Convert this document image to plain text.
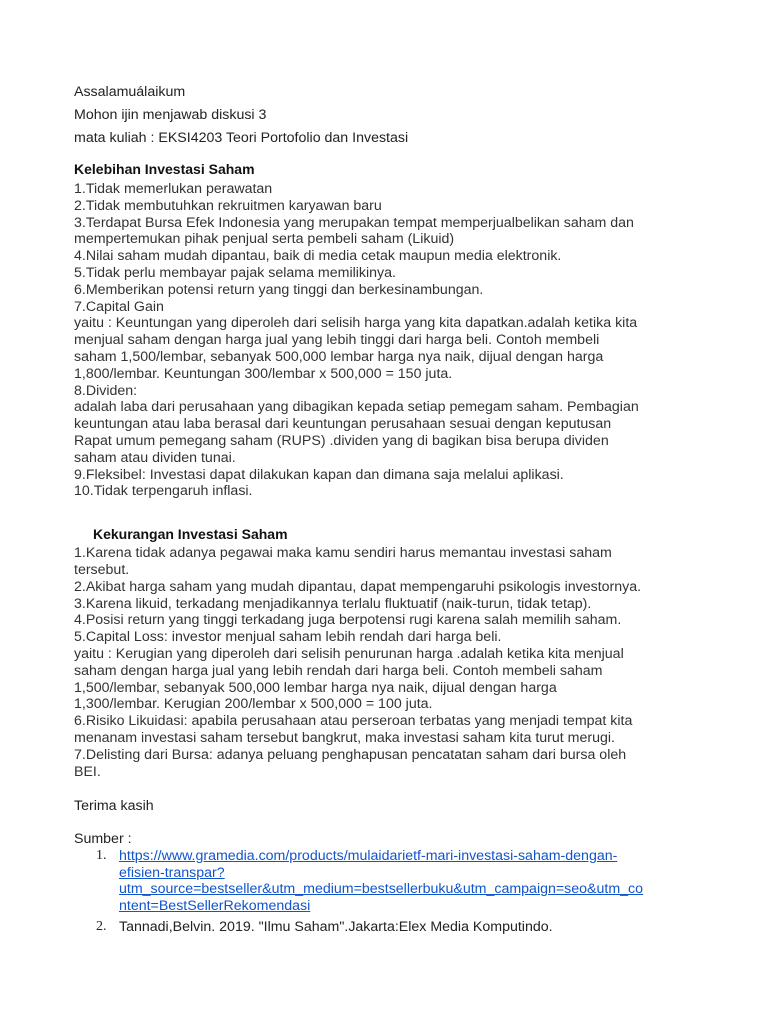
Assalamuálaikum
Mohon ijin menjawab diskusi 3
mata kuliah : EKSI4203 Teori Portofolio dan Investasi
Kelebihan Investasi Saham
1.Tidak memerlukan perawatan
2.Tidak membutuhkan rekruitmen karyawan baru
3.Terdapat Bursa Efek Indonesia yang merupakan tempat memperjualbelikan saham dan
mempertemukan pihak penjual serta pembeli saham (Likuid)
4.Nilai saham mudah dipantau, baik di media cetak maupun media elektronik.
5.Tidak perlu membayar pajak selama memilikinya.
6.Memberikan potensi return yang tinggi dan berkesinambungan.
7.Capital Gain
yaitu : Keuntungan yang diperoleh dari selisih harga yang kita dapatkan.adalah ketika kita
menjual saham dengan harga jual yang lebih tinggi dari harga beli. Contoh membeli
saham 1,500/lembar, sebanyak 500,000 lembar harga nya naik, dijual dengan harga
1,800/lembar. Keuntungan 300/lembar x 500,000 = 150 juta.
8.Dividen:
adalah laba dari perusahaan yang dibagikan kepada setiap pemegam saham. Pembagian
keuntungan atau laba berasal dari keuntungan perusahaan sesuai dengan keputusan
Rapat umum pemegang saham (RUPS) .dividen yang di bagikan bisa berupa dividen
saham atau dividen tunai.
9.Fleksibel: Investasi dapat dilakukan kapan dan dimana saja melalui aplikasi.
10.Tidak terpengaruh inflasi.
Kekurangan Investasi Saham
1.Karena tidak adanya pegawai maka kamu sendiri harus memantau investasi saham
tersebut.
2.Akibat harga saham yang mudah dipantau, dapat mempengaruhi psikologis investornya.
3.Karena likuid, terkadang menjadikannya terlalu fluktuatif (naik-turun, tidak tetap).
4.Posisi return yang tinggi terkadang juga berpotensi rugi karena salah memilih saham.
5.Capital Loss: investor menjual saham lebih rendah dari harga beli.
yaitu : Kerugian yang diperoleh dari selisih penurunan harga .adalah ketika kita menjual
saham dengan harga jual yang lebih rendah dari harga beli. Contoh membeli saham
1,500/lembar, sebanyak 500,000 lembar harga nya naik, dijual dengan harga
1,300/lembar. Kerugian 200/lembar x 500,000 = 100 juta.
6.Risiko Likuidasi: apabila perusahaan atau perseroan terbatas yang menjadi tempat kita
menanam investasi saham tersebut bangkrut, maka investasi saham kita turut merugi.
7.Delisting dari Bursa: adanya peluang penghapusan pencatatan saham dari bursa oleh
BEI.
Terima kasih
Sumber :
1. https://www.gramedia.com/products/mulaidarietf-mari-investasi-saham-dengan-
efisien-transpar?
utm_source=bestseller&utm_medium=bestsellerbuku&utm_campaign=seo&utm_co
ntent=BestSellerRekomendasi
2. Tannadi,Belvin. 2019. "Ilmu Saham".Jakarta:Elex Media Komputindo.
